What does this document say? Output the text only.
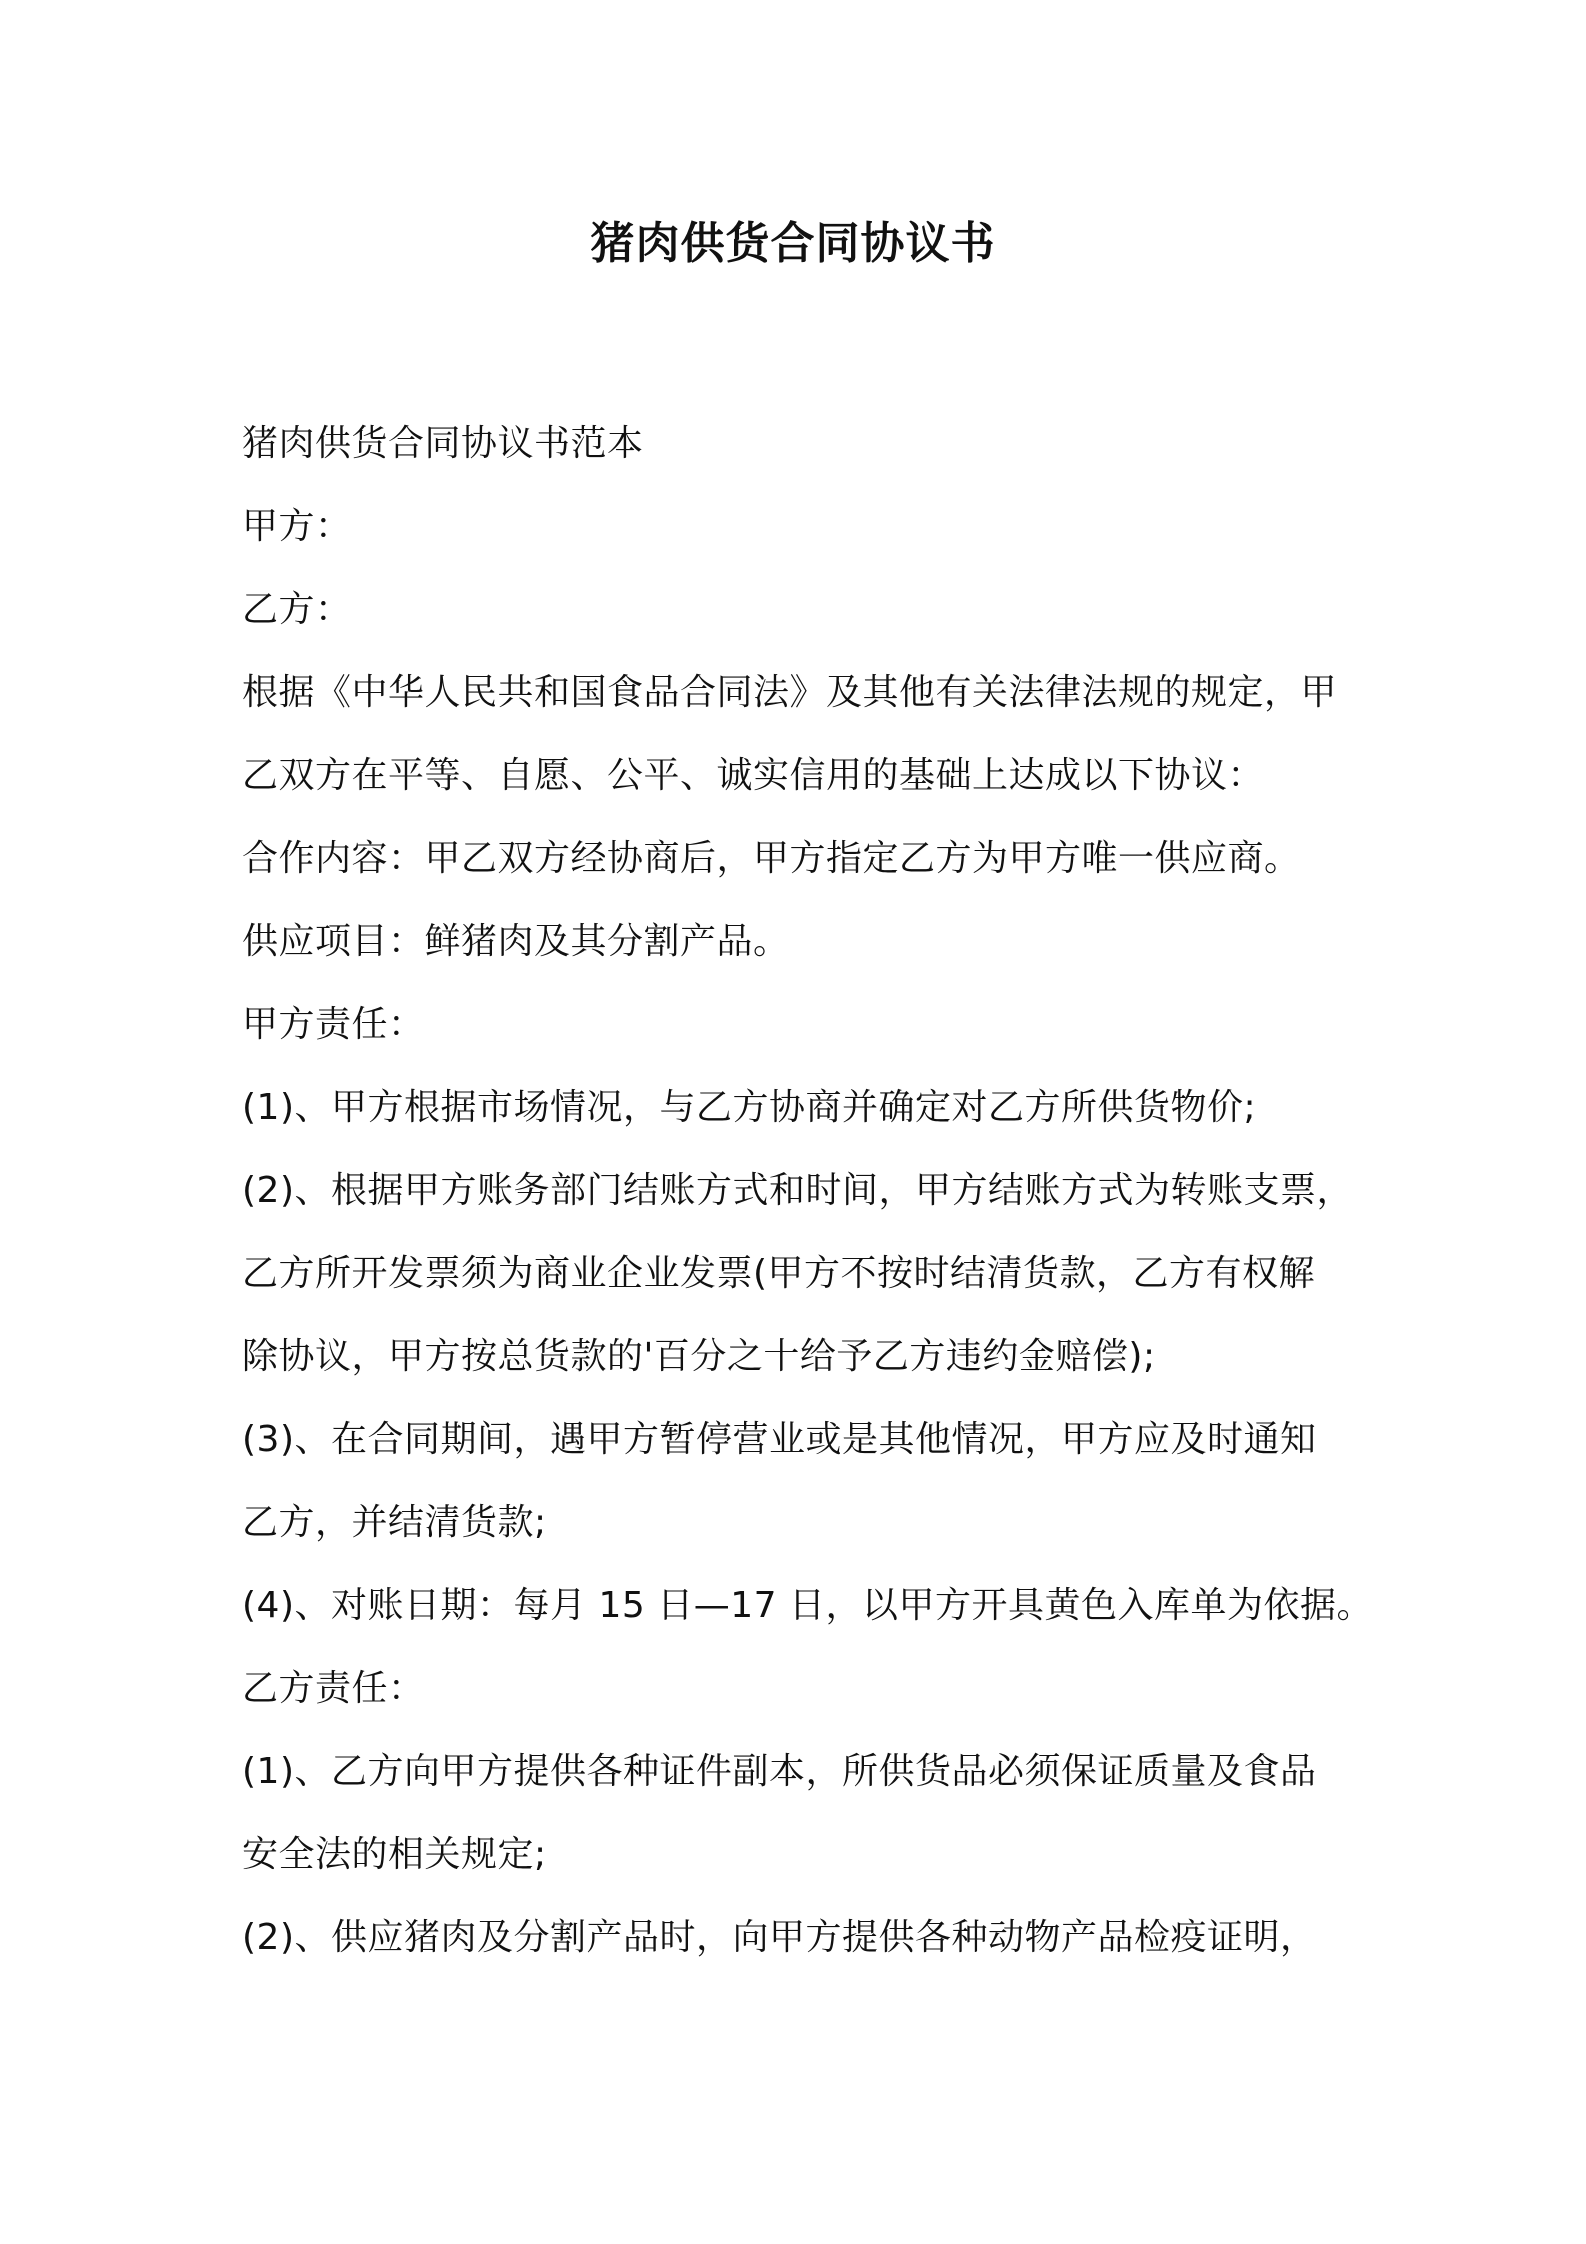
猪肉供货合同协议书
猪肉供货合同协议书范本
甲方：
乙方：
根据《中华人民共和国食品合同法》及其他有关法律法规的规定，甲
乙双方在平等、自愿、公平、诚实信用的基础上达成以下协议：
合作内容：甲乙双方经协商后，甲方指定乙方为甲方唯一供应商。
供应项目：鲜猪肉及其分割产品。
甲方责任：
(1)、甲方根据市场情况，与乙方协商并确定对乙方所供货物价;
(2)、根据甲方账务部门结账方式和时间，甲方结账方式为转账支票，
乙方所开发票须为商业企业发票(甲方不按时结清货款，乙方有权解
除协议，甲方按总货款的'百分之十给予乙方违约金赔偿);
(3)、在合同期间，遇甲方暂停营业或是其他情况，甲方应及时通知
乙方，并结清货款;
(4)、对账日期：每月 15 日—17 日，以甲方开具黄色入库单为依据。
乙方责任：
(1)、乙方向甲方提供各种证件副本，所供货品必须保证质量及食品
安全法的相关规定;
(2)、供应猪肉及分割产品时，向甲方提供各种动物产品检疫证明，
